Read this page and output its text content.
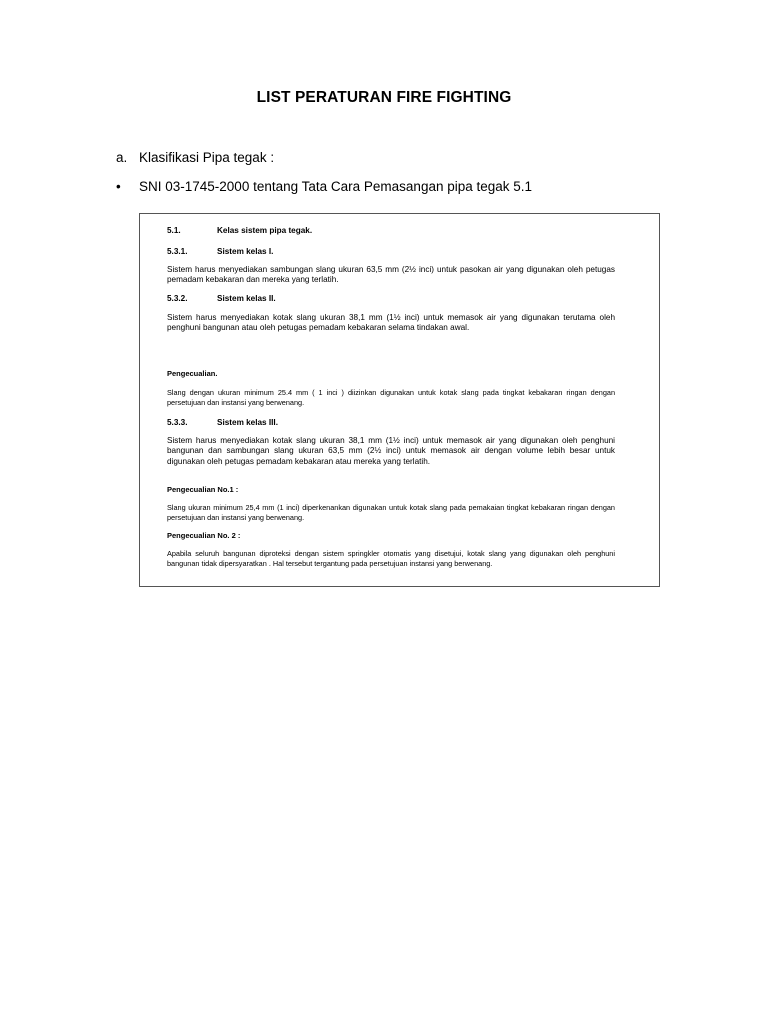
LIST PERATURAN FIRE FIGHTING
a. Klasifikasi Pipa tegak :
• SNI 03-1745-2000 tentang Tata Cara Pemasangan pipa tegak 5.1
5.1.	Kelas sistem pipa tegak.
5.3.1.	Sistem kelas I.
Sistem harus menyediakan sambungan slang ukuran 63,5 mm (2½ inci) untuk pasokan air yang digunakan oleh petugas pemadam kebakaran dan mereka yang terlatih.
5.3.2.	Sistem kelas II.
Sistem harus menyediakan kotak slang ukuran 38,1 mm (1½ inci) untuk memasok air yang digunakan terutama oleh penghuni bangunan atau oleh petugas pemadam kebakaran selama tindakan awal.
Pengecualian.
Slang dengan ukuran minimum 25.4 mm ( 1 inci ) diizinkan digunakan untuk kotak slang pada tingkat kebakaran ringan dengan persetujuan dan instansi yang berwenang.
5.3.3.	Sistem kelas III.
Sistem harus menyediakan kotak slang ukuran 38,1 mm (1½ inci) untuk memasok air yang digunakan oleh penghuni bangunan dan sambungan slang ukuran 63,5 mm (2½ inci) untuk memasok air dengan volume lebih besar untuk digunakan oleh petugas pemadam kebakaran atau mereka yang terlatih.
Pengecualian No.1 :
Slang ukuran minimum 25,4 mm (1 inci) diperkenankan digunakan untuk kotak slang pada pemakaian tingkat kebakaran ringan dengan persetujuan dan instansi yang berwenang.
Pengecualian No. 2 :
Apabila seluruh bangunan diproteksi dengan sistem springkler otomatis yang disetujui, kotak slang yang digunakan oleh penghuni bangunan tidak dipersyaratkan . Hal tersebut tergantung pada persetujuan instansi yang berwenang.
